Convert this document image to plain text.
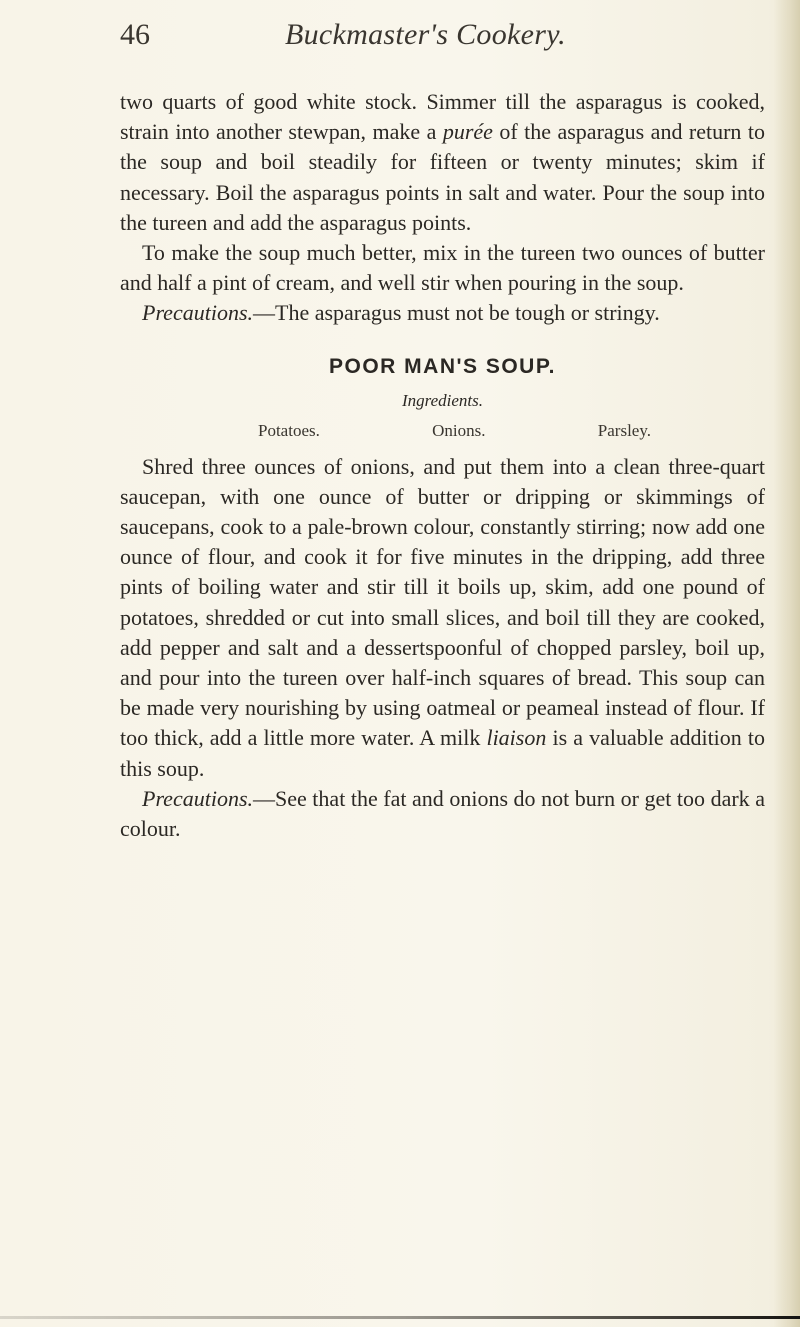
46	Buckmaster's Cookery.

two quarts of good white stock. Simmer till the asparagus is cooked, strain into another stewpan, make a purée of the asparagus and return to the soup and boil steadily for fifteen or twenty minutes; skim if necessary. Boil the asparagus points in salt and water. Pour the soup into the tureen and add the asparagus points.

To make the soup much better, mix in the tureen two ounces of butter and half a pint of cream, and well stir when pouring in the soup.

Precautions.—The asparagus must not be tough or stringy.

POOR MAN'S SOUP.
Ingredients.
Potatoes.	Onions.	Parsley.

Shred three ounces of onions, and put them into a clean three-quart saucepan, with one ounce of butter or dripping or skimmings of saucepans, cook to a pale-brown colour, constantly stirring; now add one ounce of flour, and cook it for five minutes in the dripping, add three pints of boiling water and stir till it boils up, skim, add one pound of potatoes, shredded or cut into small slices, and boil till they are cooked, add pepper and salt and a dessertspoonful of chopped parsley, boil up, and pour into the tureen over half-inch squares of bread. This soup can be made very nourishing by using oatmeal or peameal instead of flour. If too thick, add a little more water. A milk liaison is a valuable addition to this soup.

Precautions.—See that the fat and onions do not burn or get too dark a colour.
